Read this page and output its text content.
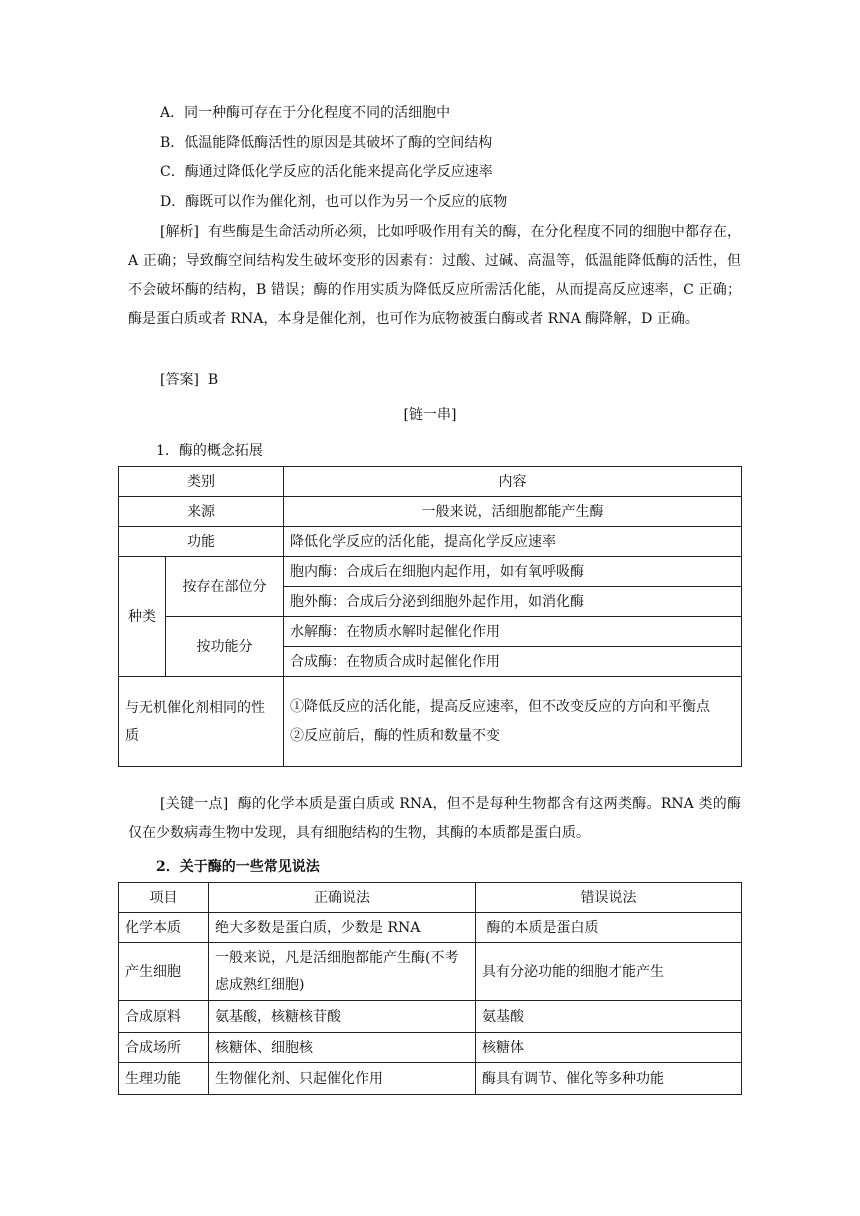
A．同一种酶可存在于分化程度不同的活细胞中
B．低温能降低酶活性的原因是其破坏了酶的空间结构
C．酶通过降低化学反应的活化能来提高化学反应速率
D．酶既可以作为催化剂，也可以作为另一个反应的底物
[解析] 有些酶是生命活动所必须，比如呼吸作用有关的酶，在分化程度不同的细胞中都存在，A 正确；导致酶空间结构发生破坏变形的因素有：过酸、过碱、高温等，低温能降低酶的活性，但不会破坏酶的结构，B 错误；酶的作用实质为降低反应所需活化能，从而提高反应速率，C 正确；酶是蛋白质或者 RNA，本身是催化剂，也可作为底物被蛋白酶或者 RNA 酶降解，D 正确。
[答案] B
[链一串]
1．酶的概念拓展
类别		内容
来源		一般来说，活细胞都能产生酶
功能		降低化学反应的活化能，提高化学反应速率
种类	按存在部位分	胞内酶：合成后在细胞内起作用，如有氧呼吸酶
		胞外酶：合成后分泌到细胞外起作用，如消化酶
	按功能分	水解酶：在物质水解时起催化作用
		合成酶：在物质合成时起催化作用
与无机催化剂相同的性质		①降低反应的活化能，提高反应速率，但不改变反应的方向和平衡点
②反应前后，酶的性质和数量不变
[关键一点] 酶的化学本质是蛋白质或 RNA，但不是每种生物都含有这两类酶。RNA 类的酶仅在少数病毒生物中发现，具有细胞结构的生物，其酶的本质都是蛋白质。
2．关于酶的一些常见说法
项目	正确说法	错误说法
化学本质	绝大多数是蛋白质，少数是 RNA	酶的本质是蛋白质
产生细胞	一般来说，凡是活细胞都能产生酶(不考虑成熟红细胞)	具有分泌功能的细胞才能产生
合成原料	氨基酸，核糖核苷酸	氨基酸
合成场所	核糖体、细胞核	核糖体
生理功能	生物催化剂、只起催化作用	酶具有调节、催化等多种功能
